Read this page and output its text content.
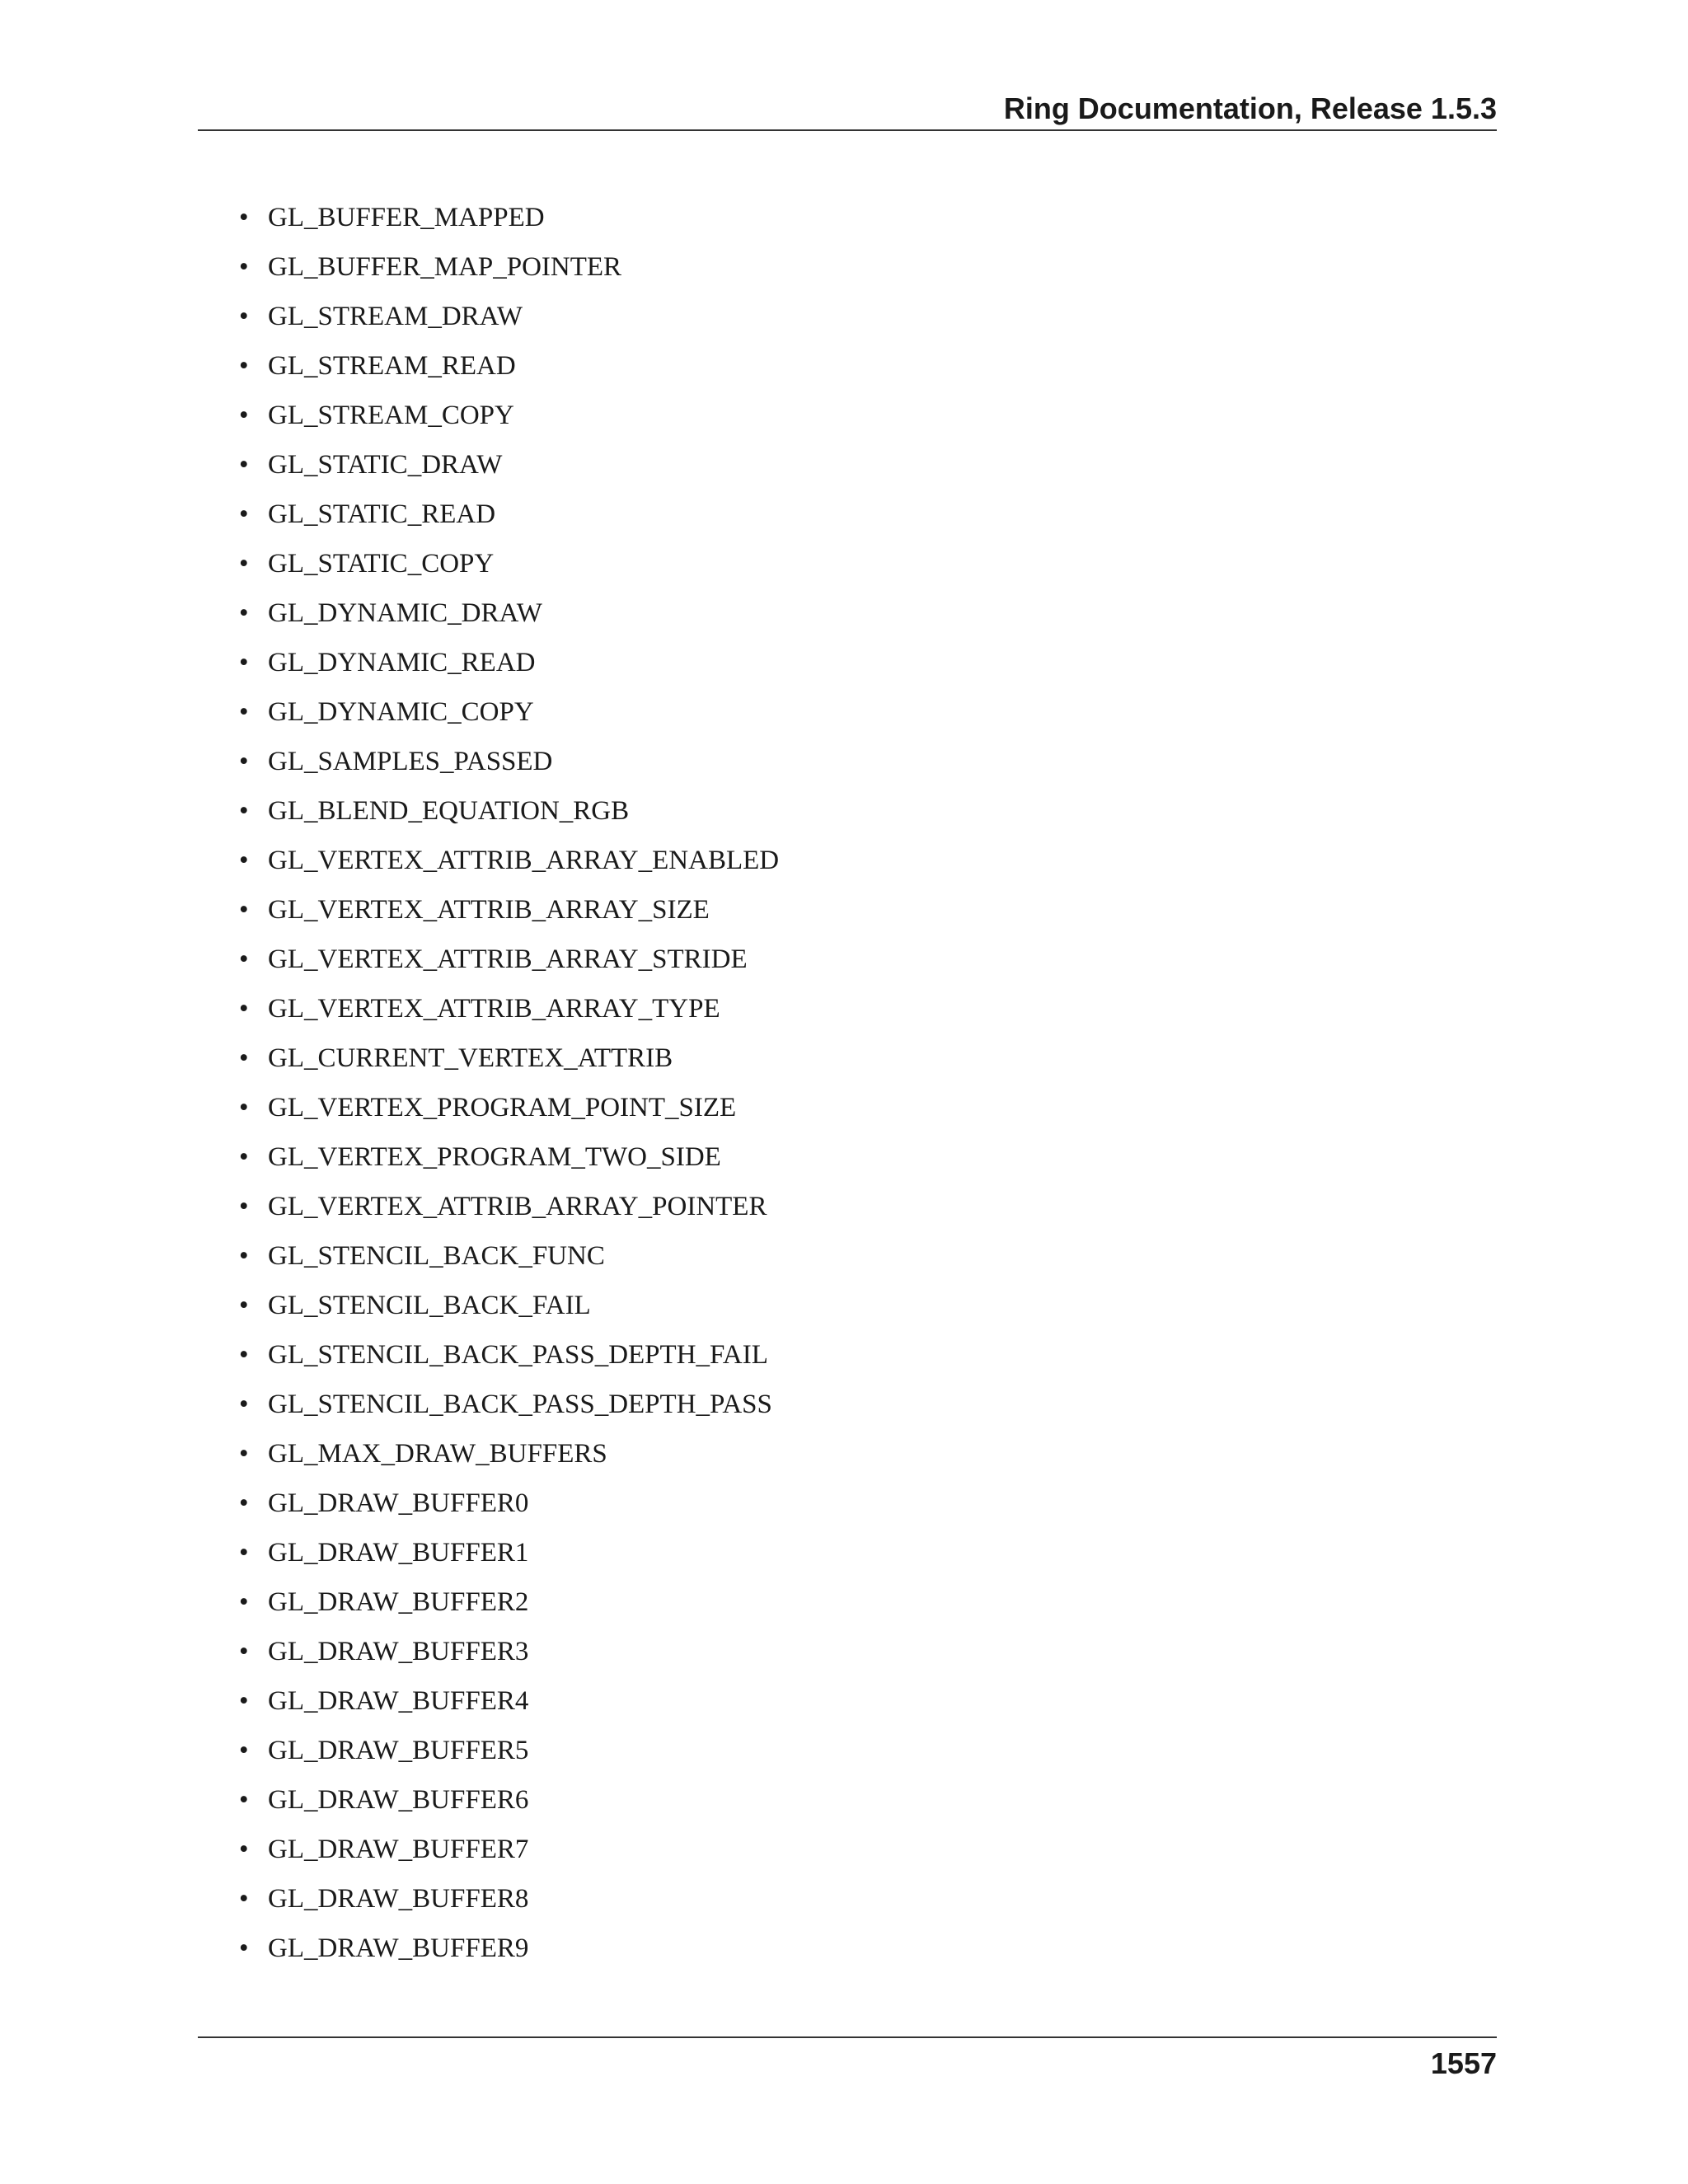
Ring Documentation, Release 1.5.3
• GL_BUFFER_MAPPED
• GL_BUFFER_MAP_POINTER
• GL_STREAM_DRAW
• GL_STREAM_READ
• GL_STREAM_COPY
• GL_STATIC_DRAW
• GL_STATIC_READ
• GL_STATIC_COPY
• GL_DYNAMIC_DRAW
• GL_DYNAMIC_READ
• GL_DYNAMIC_COPY
• GL_SAMPLES_PASSED
• GL_BLEND_EQUATION_RGB
• GL_VERTEX_ATTRIB_ARRAY_ENABLED
• GL_VERTEX_ATTRIB_ARRAY_SIZE
• GL_VERTEX_ATTRIB_ARRAY_STRIDE
• GL_VERTEX_ATTRIB_ARRAY_TYPE
• GL_CURRENT_VERTEX_ATTRIB
• GL_VERTEX_PROGRAM_POINT_SIZE
• GL_VERTEX_PROGRAM_TWO_SIDE
• GL_VERTEX_ATTRIB_ARRAY_POINTER
• GL_STENCIL_BACK_FUNC
• GL_STENCIL_BACK_FAIL
• GL_STENCIL_BACK_PASS_DEPTH_FAIL
• GL_STENCIL_BACK_PASS_DEPTH_PASS
• GL_MAX_DRAW_BUFFERS
• GL_DRAW_BUFFER0
• GL_DRAW_BUFFER1
• GL_DRAW_BUFFER2
• GL_DRAW_BUFFER3
• GL_DRAW_BUFFER4
• GL_DRAW_BUFFER5
• GL_DRAW_BUFFER6
• GL_DRAW_BUFFER7
• GL_DRAW_BUFFER8
• GL_DRAW_BUFFER9
1557
